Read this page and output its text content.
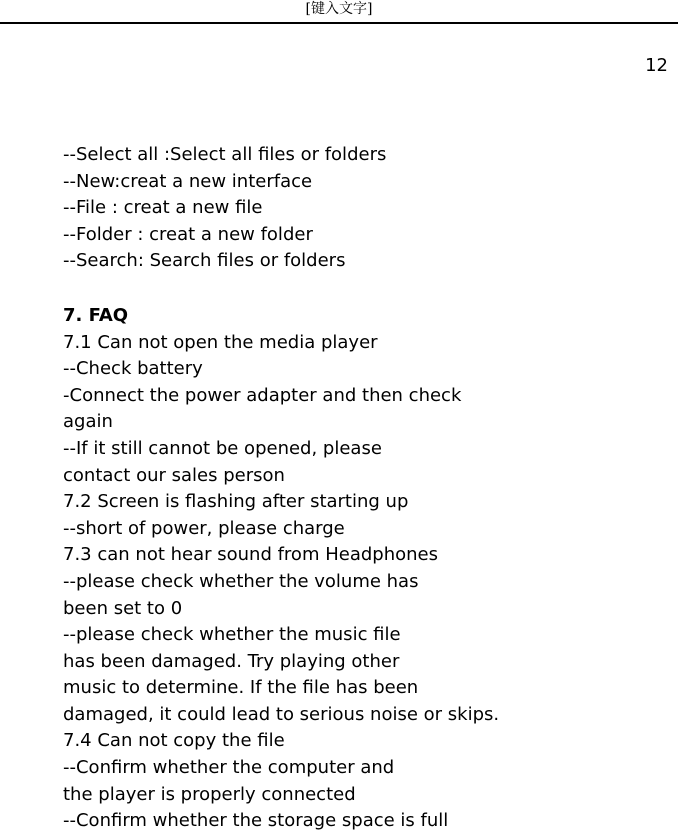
[键入文字]
12
--Select all :Select all files or folders
--New:creat a new interface
--File : creat a new file
--Folder : creat a new folder
--Search: Search files or folders
7. FAQ
7.1 Can not open the media player
--Check battery
-Connect the power adapter and then check
again
--If it still cannot be opened, please
contact our sales person
7.2 Screen is flashing after starting up
--short of power, please charge
7.3 can not hear sound from Headphones
--please check whether the volume has
been set to 0
--please check whether the music file
has been damaged. Try playing other
music to determine. If the file has been
damaged, it could lead to serious noise or skips.
7.4 Can not copy the file
--Confirm whether the computer and
the player is properly connected
--Confirm whether the storage space is full
